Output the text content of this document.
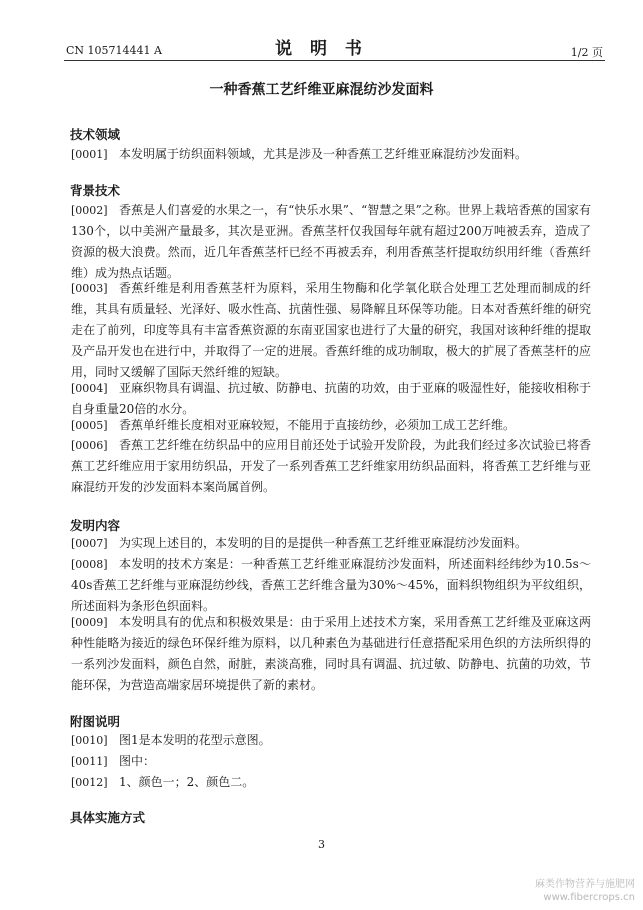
CN 105714441 A	说 明 书	1/2 页
一种香蕉工艺纤维亚麻混纺沙发面料
技术领域
[0001] 本发明属于纺织面料领域，尤其是涉及一种香蕉工艺纤维亚麻混纺沙发面料。
背景技术
[0002] 香蕉是人们喜爱的水果之一，有“快乐水果”、“智慧之果”之称。世界上栽培香蕉的国家有130个，以中美洲产量最多，其次是亚洲。香蕉茎杆仅我国每年就有超过200万吨被丢弃，造成了资源的极大浪费。然而，近几年香蕉茎杆已经不再被丢弃，利用香蕉茎杆提取纺织用纤维（香蕉纤维）成为热点话题。
[0003] 香蕉纤维是利用香蕉茎杆为原料，采用生物酶和化学氧化联合处理工艺处理而制成的纤维，其具有质量轻、光泽好、吸水性高、抗菌性强、易降解且环保等功能。日本对香蕉纤维的研究走在了前列，印度等具有丰富香蕉资源的东南亚国家也进行了大量的研究，我国对该种纤维的提取及产品开发也在进行中，并取得了一定的进展。香蕉纤维的成功制取，极大的扩展了香蕉茎杆的应用，同时又缓解了国际天然纤维的短缺。
[0004] 亚麻织物具有调温、抗过敏、防静电、抗菌的功效，由于亚麻的吸湿性好，能接收相称于自身重量20倍的水分。
[0005] 香蕉单纤维长度相对亚麻较短，不能用于直接纺纱，必须加工成工艺纤维。
[0006] 香蕉工艺纤维在纺织品中的应用目前还处于试验开发阶段，为此我们经过多次试验已将香蕉工艺纤维应用于家用纺织品，开发了一系列香蕉工艺纤维家用纺织品面料，将香蕉工艺纤维与亚麻混纺开发的沙发面料本案尚属首例。
发明内容
[0007] 为实现上述目的，本发明的目的是提供一种香蕉工艺纤维亚麻混纺沙发面料。
[0008] 本发明的技术方案是：一种香蕉工艺纤维亚麻混纺沙发面料，所述面料经纬纱为10.5s～40s香蕉工艺纤维与亚麻混纺纱线，香蕉工艺纤维含量为30%～45%，面料织物组织为平纹组织，所述面料为条形色织面料。
[0009] 本发明具有的优点和积极效果是：由于采用上述技术方案，采用香蕉工艺纤维及亚麻这两种性能略为接近的绿色环保纤维为原料，以几种素色为基础进行任意搭配采用色织的方法所织得的一系列沙发面料，颜色自然，耐脏，素淡高雅，同时具有调温、抗过敏、防静电、抗菌的功效，节能环保，为营造高端家居环境提供了新的素材。
附图说明
[0010] 图1是本发明的花型示意图。
[0011] 图中：
[0012] 1、颜色一；2、颜色二。
具体实施方式
3
麻类作物营养与施肥网
www.fibercrops.cn
